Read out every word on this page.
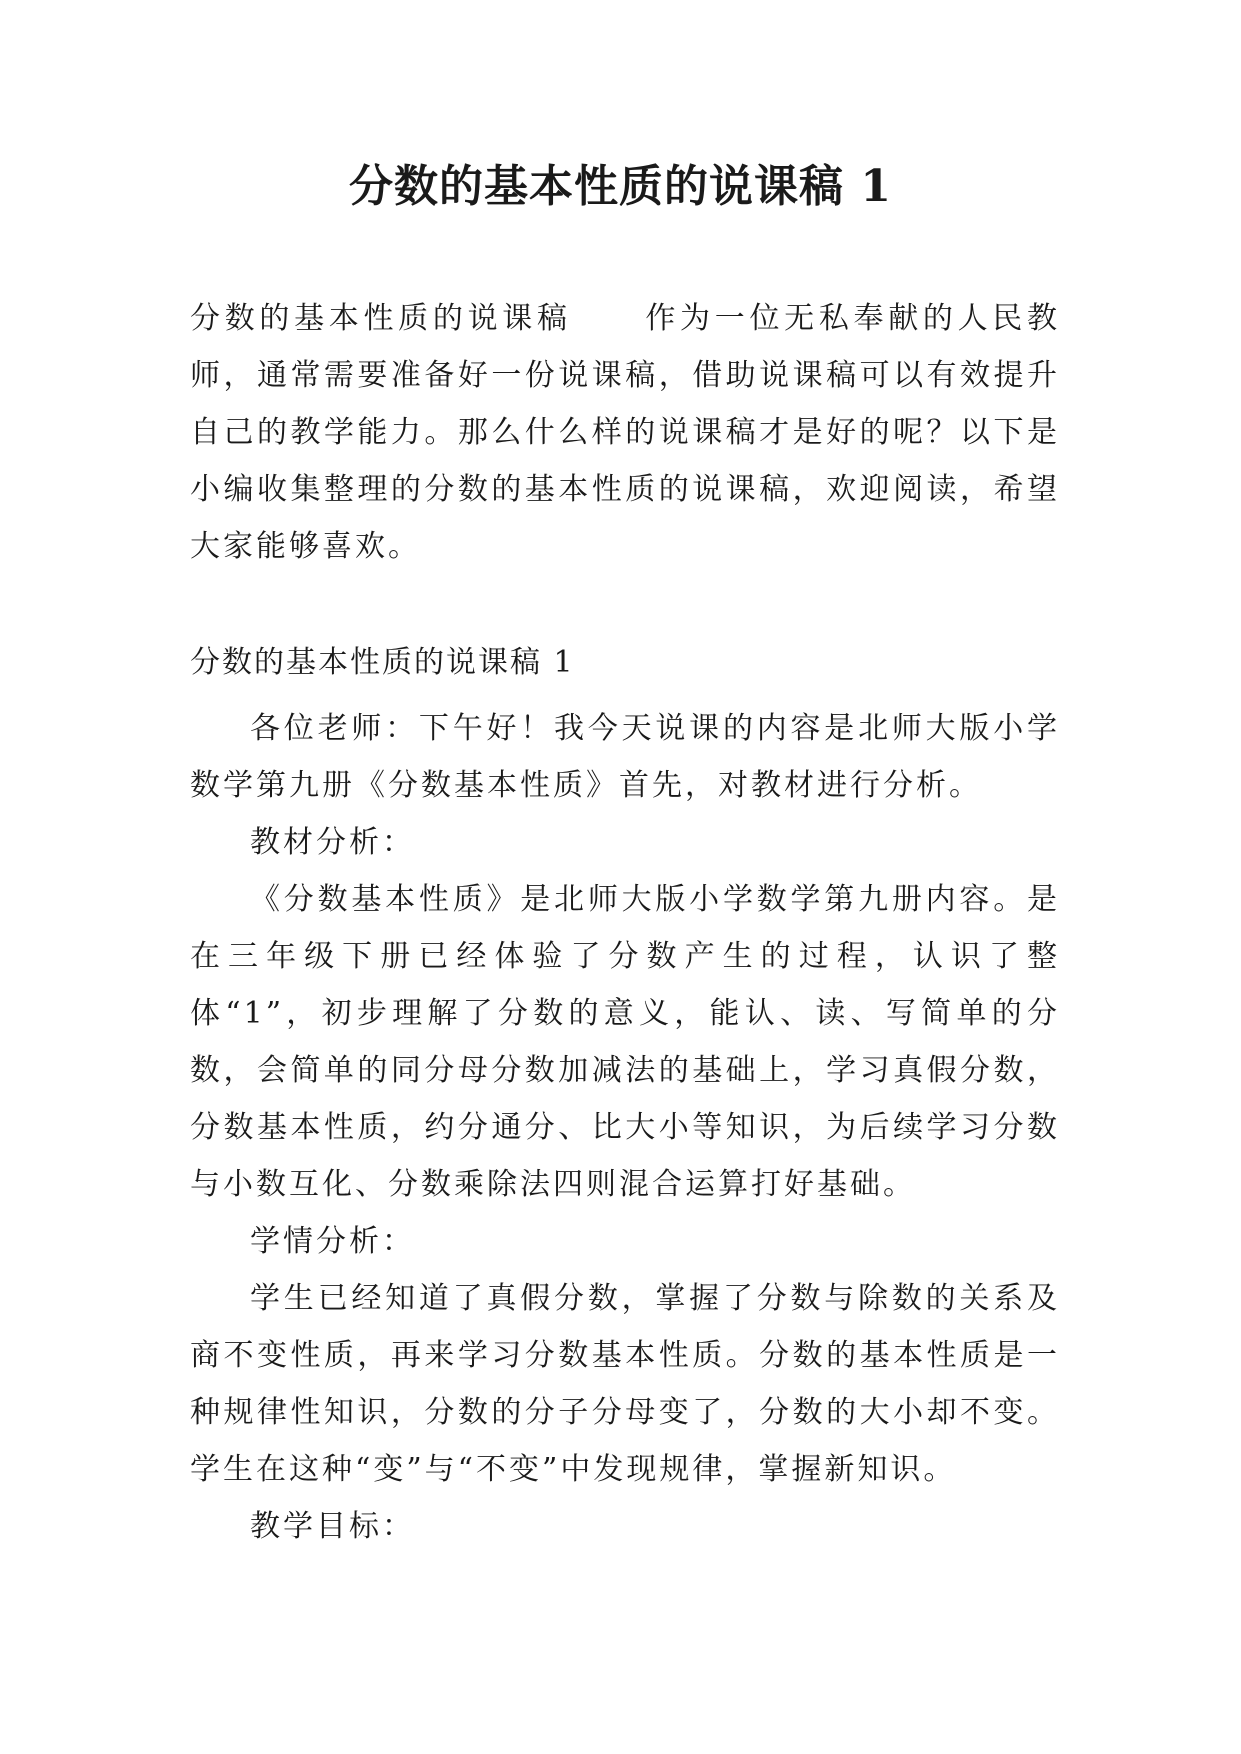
分数的基本性质的说课稿 1
分数的基本性质的说课稿 作为一位无私奉献的人民教师，通常需要准备好一份说课稿，借助说课稿可以有效提升自己的教学能力。那么什么样的说课稿才是好的呢？以下是小编收集整理的分数的基本性质的说课稿，欢迎阅读，希望大家能够喜欢。
分数的基本性质的说课稿 1

各位老师：下午好！我今天说课的内容是北师大版小学数学第九册《分数基本性质》首先，对教材进行分析。

教材分析：

《分数基本性质》是北师大版小学数学第九册内容。是在三年级下册已经体验了分数产生的过程，认识了整体“1”，初步理解了分数的意义，能认、读、写简单的分数，会简单的同分母分数加减法的基础上，学习真假分数，分数基本性质，约分通分、比大小等知识，为后续学习分数与小数互化、分数乘除法四则混合运算打好基础。

学情分析：

学生已经知道了真假分数，掌握了分数与除数的关系及商不变性质，再来学习分数基本性质。分数的基本性质是一种规律性知识，分数的分子分母变了，分数的大小却不变。学生在这种“变”与“不变”中发现规律，掌握新知识。

教学目标：
